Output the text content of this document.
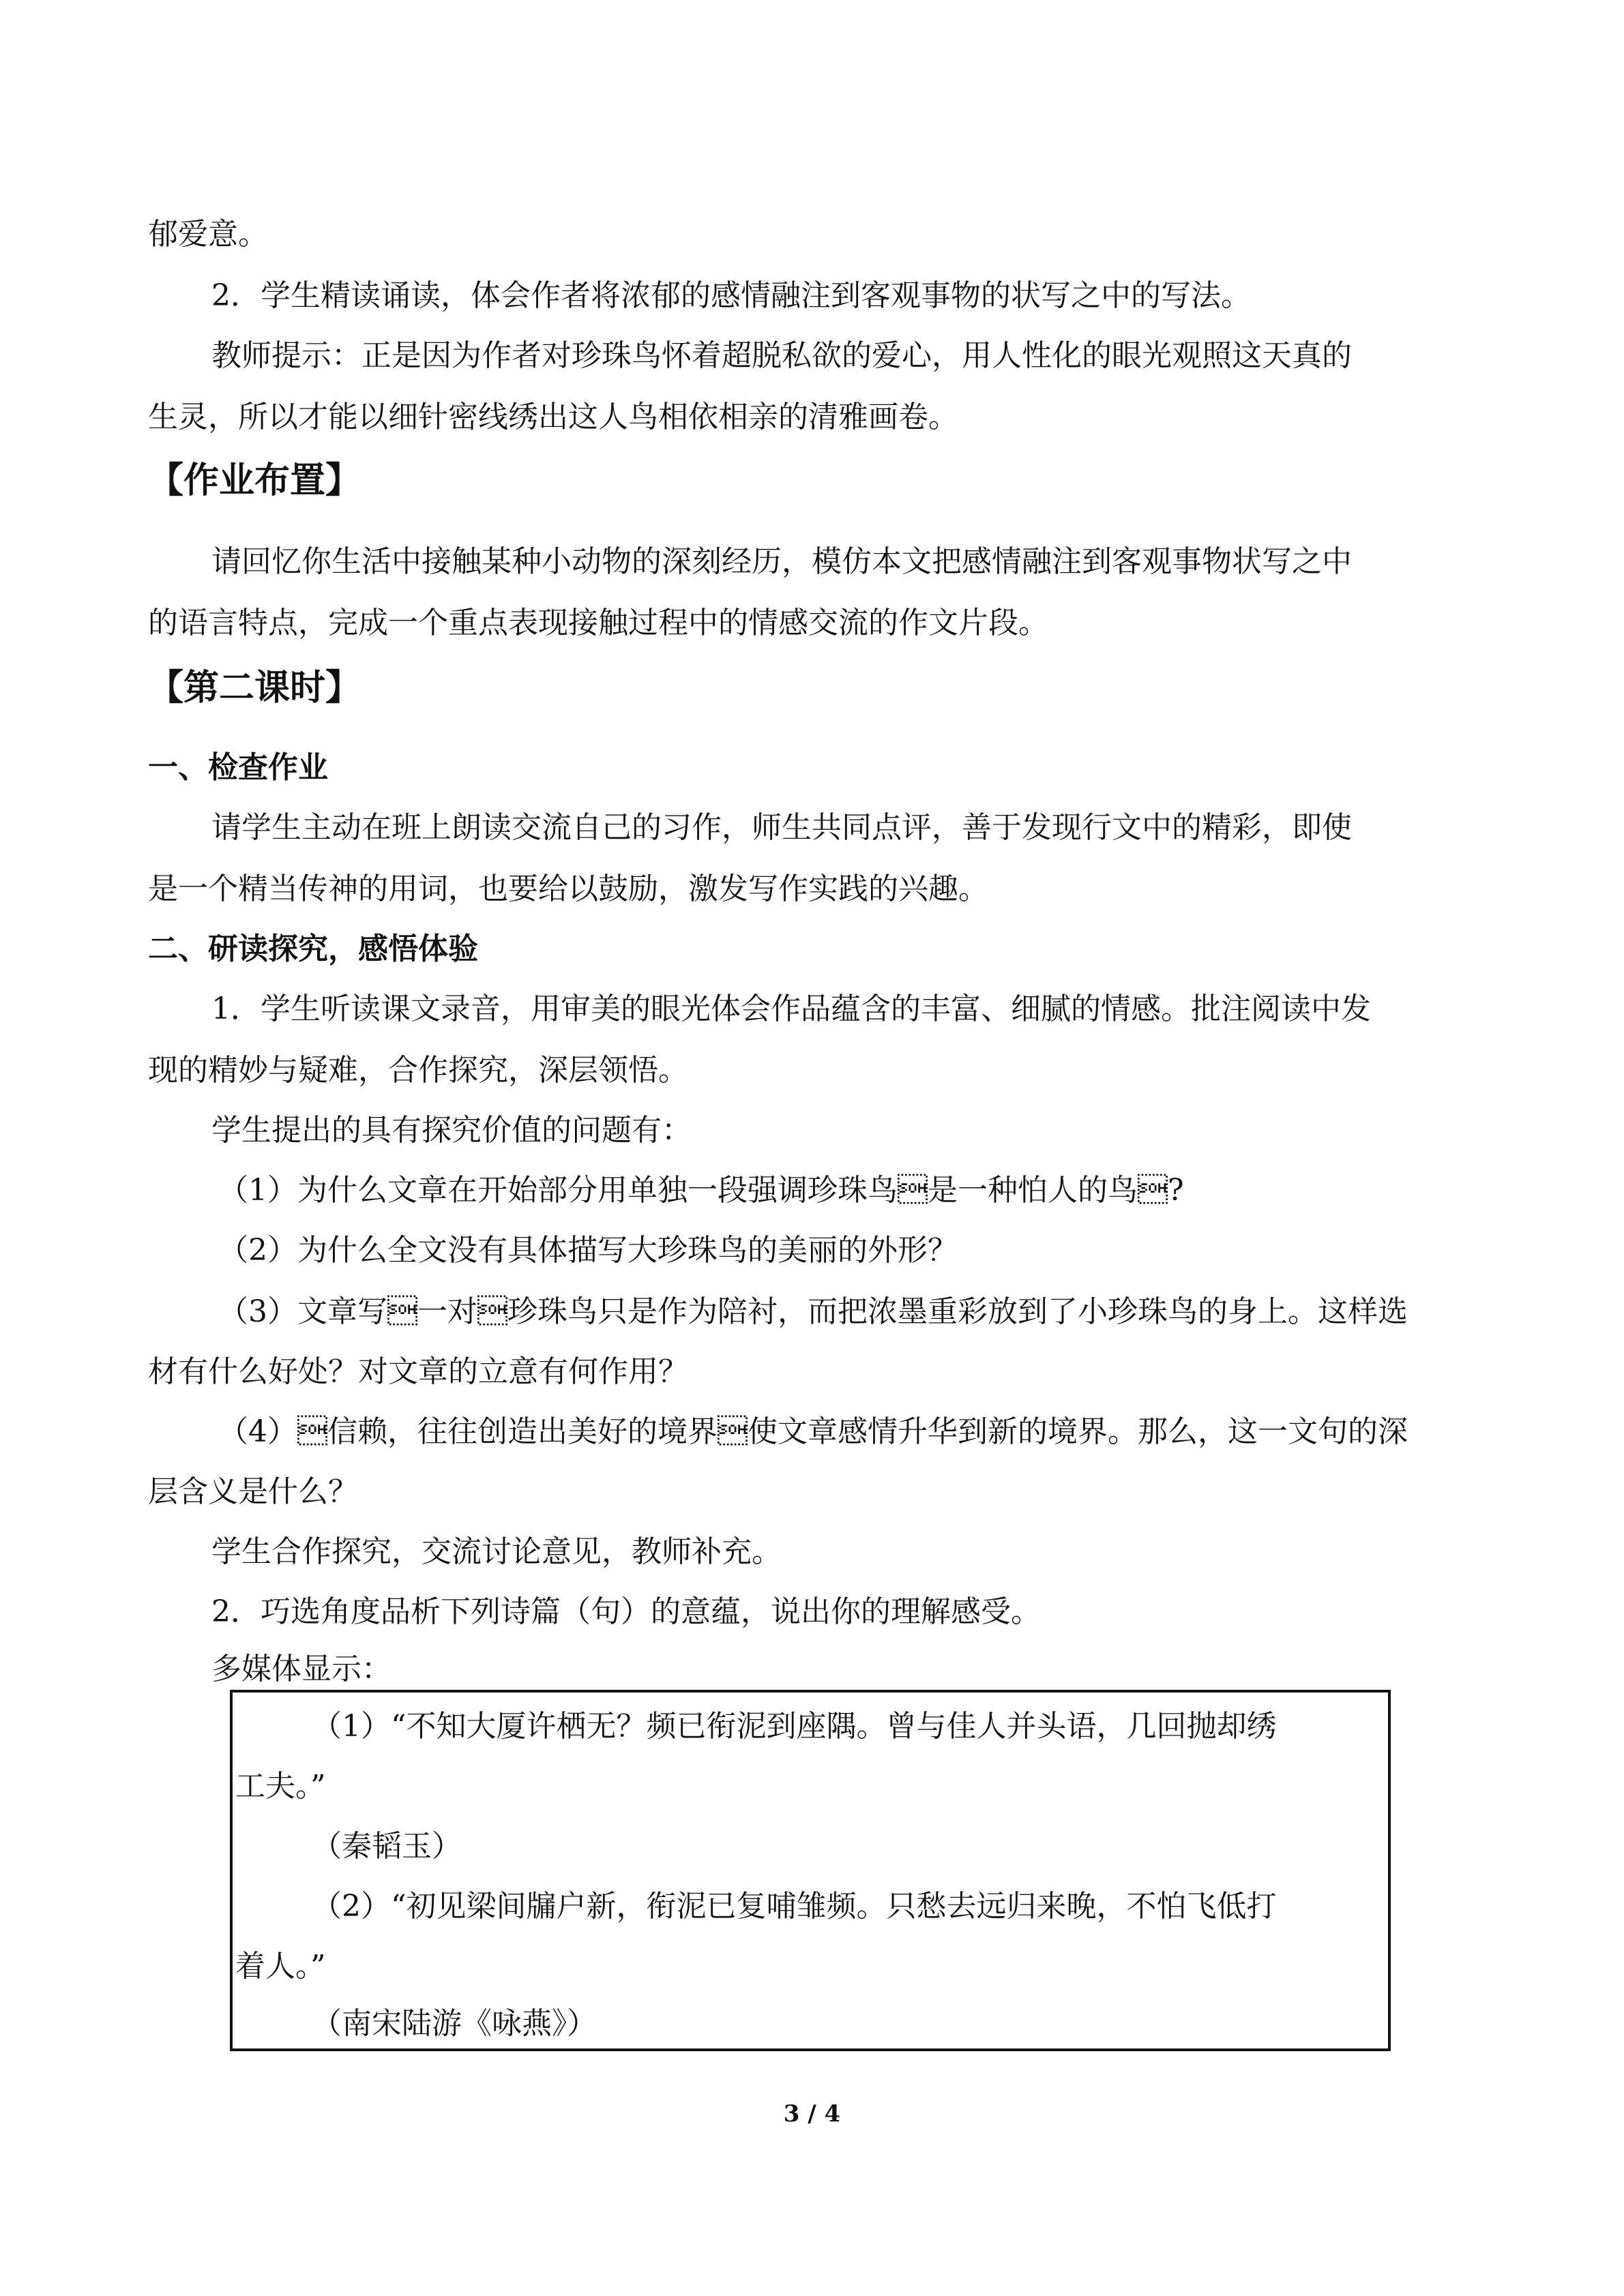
郁爱意。
2．学生精读诵读，体会作者将浓郁的感情融注到客观事物的状写之中的写法。
教师提示：正是因为作者对珍珠鸟怀着超脱私欲的爱心，用人性化的眼光观照这天真的
生灵，所以才能以细针密线绣出这人鸟相依相亲的清雅画卷。
【作业布置】
请回忆你生活中接触某种小动物的深刻经历，模仿本文把感情融注到客观事物状写之中
的语言特点，完成一个重点表现接触过程中的情感交流的作文片段。
【第二课时】
一、检查作业
请学生主动在班上朗读交流自己的习作，师生共同点评，善于发现行文中的精彩，即使
是一个精当传神的用词，也要给以鼓励，激发写作实践的兴趣。
二、研读探究，感悟体验
1．学生听读课文录音，用审美的眼光体会作品蕴含的丰富、细腻的情感。批注阅读中发
现的精妙与疑难，合作探究，深层领悟。
学生提出的具有探究价值的问题有：
（1）为什么文章在开始部分用单独一段强调珍珠鸟是一种怕人的鸟?
（2）为什么全文没有具体描写大珍珠鸟的美丽的外形？
（3）文章写一对珍珠鸟只是作为陪衬，而把浓墨重彩放到了小珍珠鸟的身上。这样选
材有什么好处？对文章的立意有何作用？
（4）信赖，往往创造出美好的境界使文章感情升华到新的境界。那么，这一文句的深
层含义是什么？
学生合作探究，交流讨论意见，教师补充。
2．巧选角度品析下列诗篇（句）的意蕴，说出你的理解感受。
多媒体显示：
（1）“不知大厦许栖无？频已衔泥到座隅。曾与佳人并头语，几回抛却绣
工夫。”
（秦韬玉）
（2）“初见梁间牖户新，衔泥已复哺雏频。只愁去远归来晚，不怕飞低打
着人。”
（南宋陆游《咏燕》）
3 / 4
